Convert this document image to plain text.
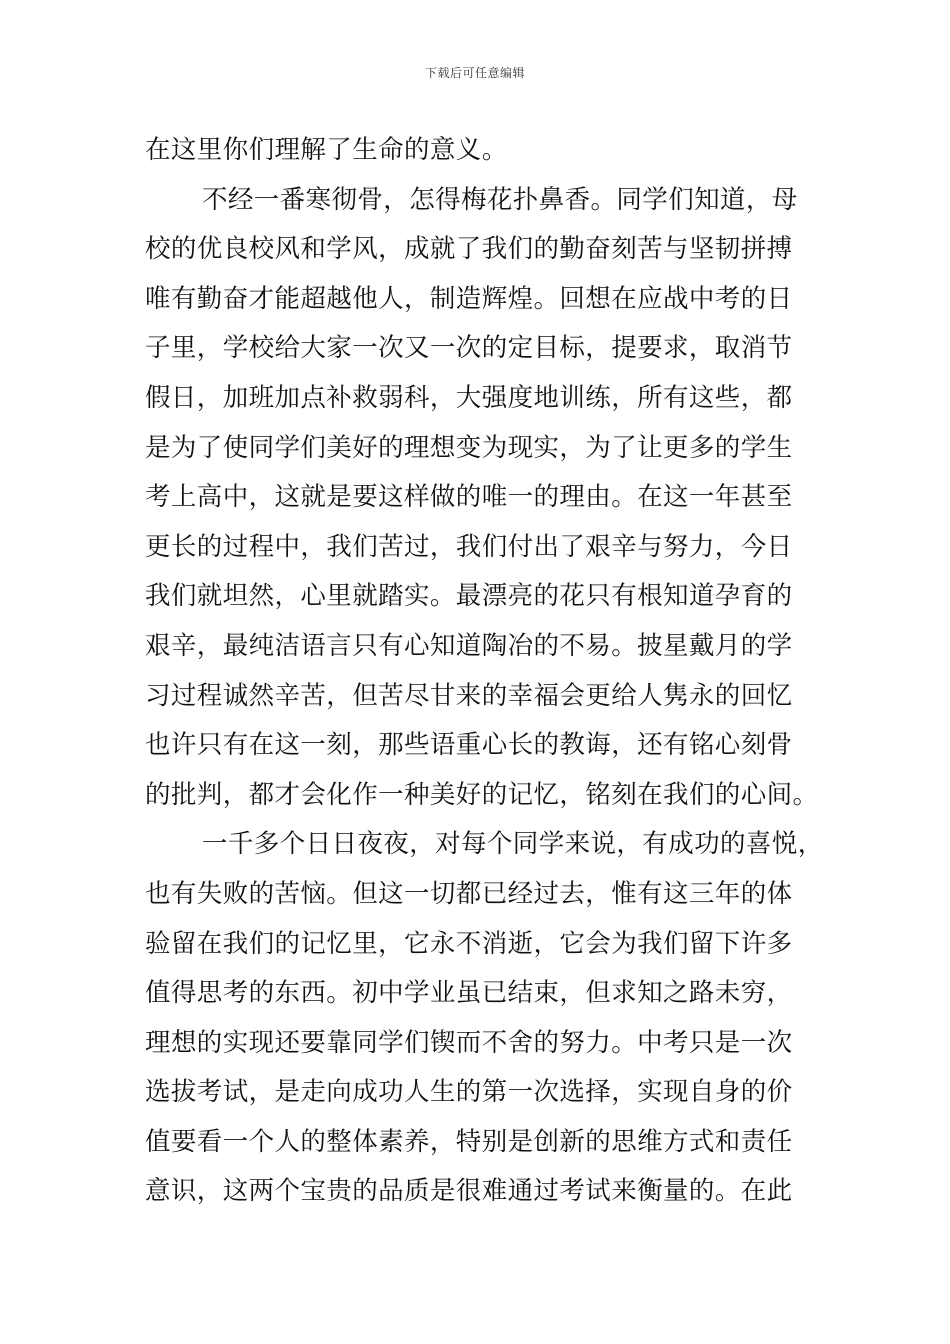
下载后可任意编辑
在这里你们理解了生命的意义。
不经一番寒彻骨，怎得梅花扑鼻香。同学们知道，母
校的优良校风和学风，成就了我们的勤奋刻苦与坚韧拼搏
唯有勤奋才能超越他人，制造辉煌。回想在应战中考的日
子里，学校给大家一次又一次的定目标，提要求，取消节
假日，加班加点补救弱科，大强度地训练，所有这些，都
是为了使同学们美好的理想变为现实，为了让更多的学生
考上高中，这就是要这样做的唯一的理由。在这一年甚至
更长的过程中，我们苦过，我们付出了艰辛与努力，今日
我们就坦然，心里就踏实。最漂亮的花只有根知道孕育的
艰辛，最纯洁语言只有心知道陶冶的不易。披星戴月的学
习过程诚然辛苦，但苦尽甘来的幸福会更给人隽永的回忆
也许只有在这一刻，那些语重心长的教诲，还有铭心刻骨
的批判，都才会化作一种美好的记忆，铭刻在我们的心间。
一千多个日日夜夜，对每个同学来说，有成功的喜悦，
也有失败的苦恼。但这一切都已经过去，惟有这三年的体
验留在我们的记忆里，它永不消逝，它会为我们留下许多
值得思考的东西。初中学业虽已结束，但求知之路未穷，
理想的实现还要靠同学们锲而不舍的努力。中考只是一次
选拔考试，是走向成功人生的第一次选择，实现自身的价
值要看一个人的整体素养，特别是创新的思维方式和责任
意识，这两个宝贵的品质是很难通过考试来衡量的。在此
